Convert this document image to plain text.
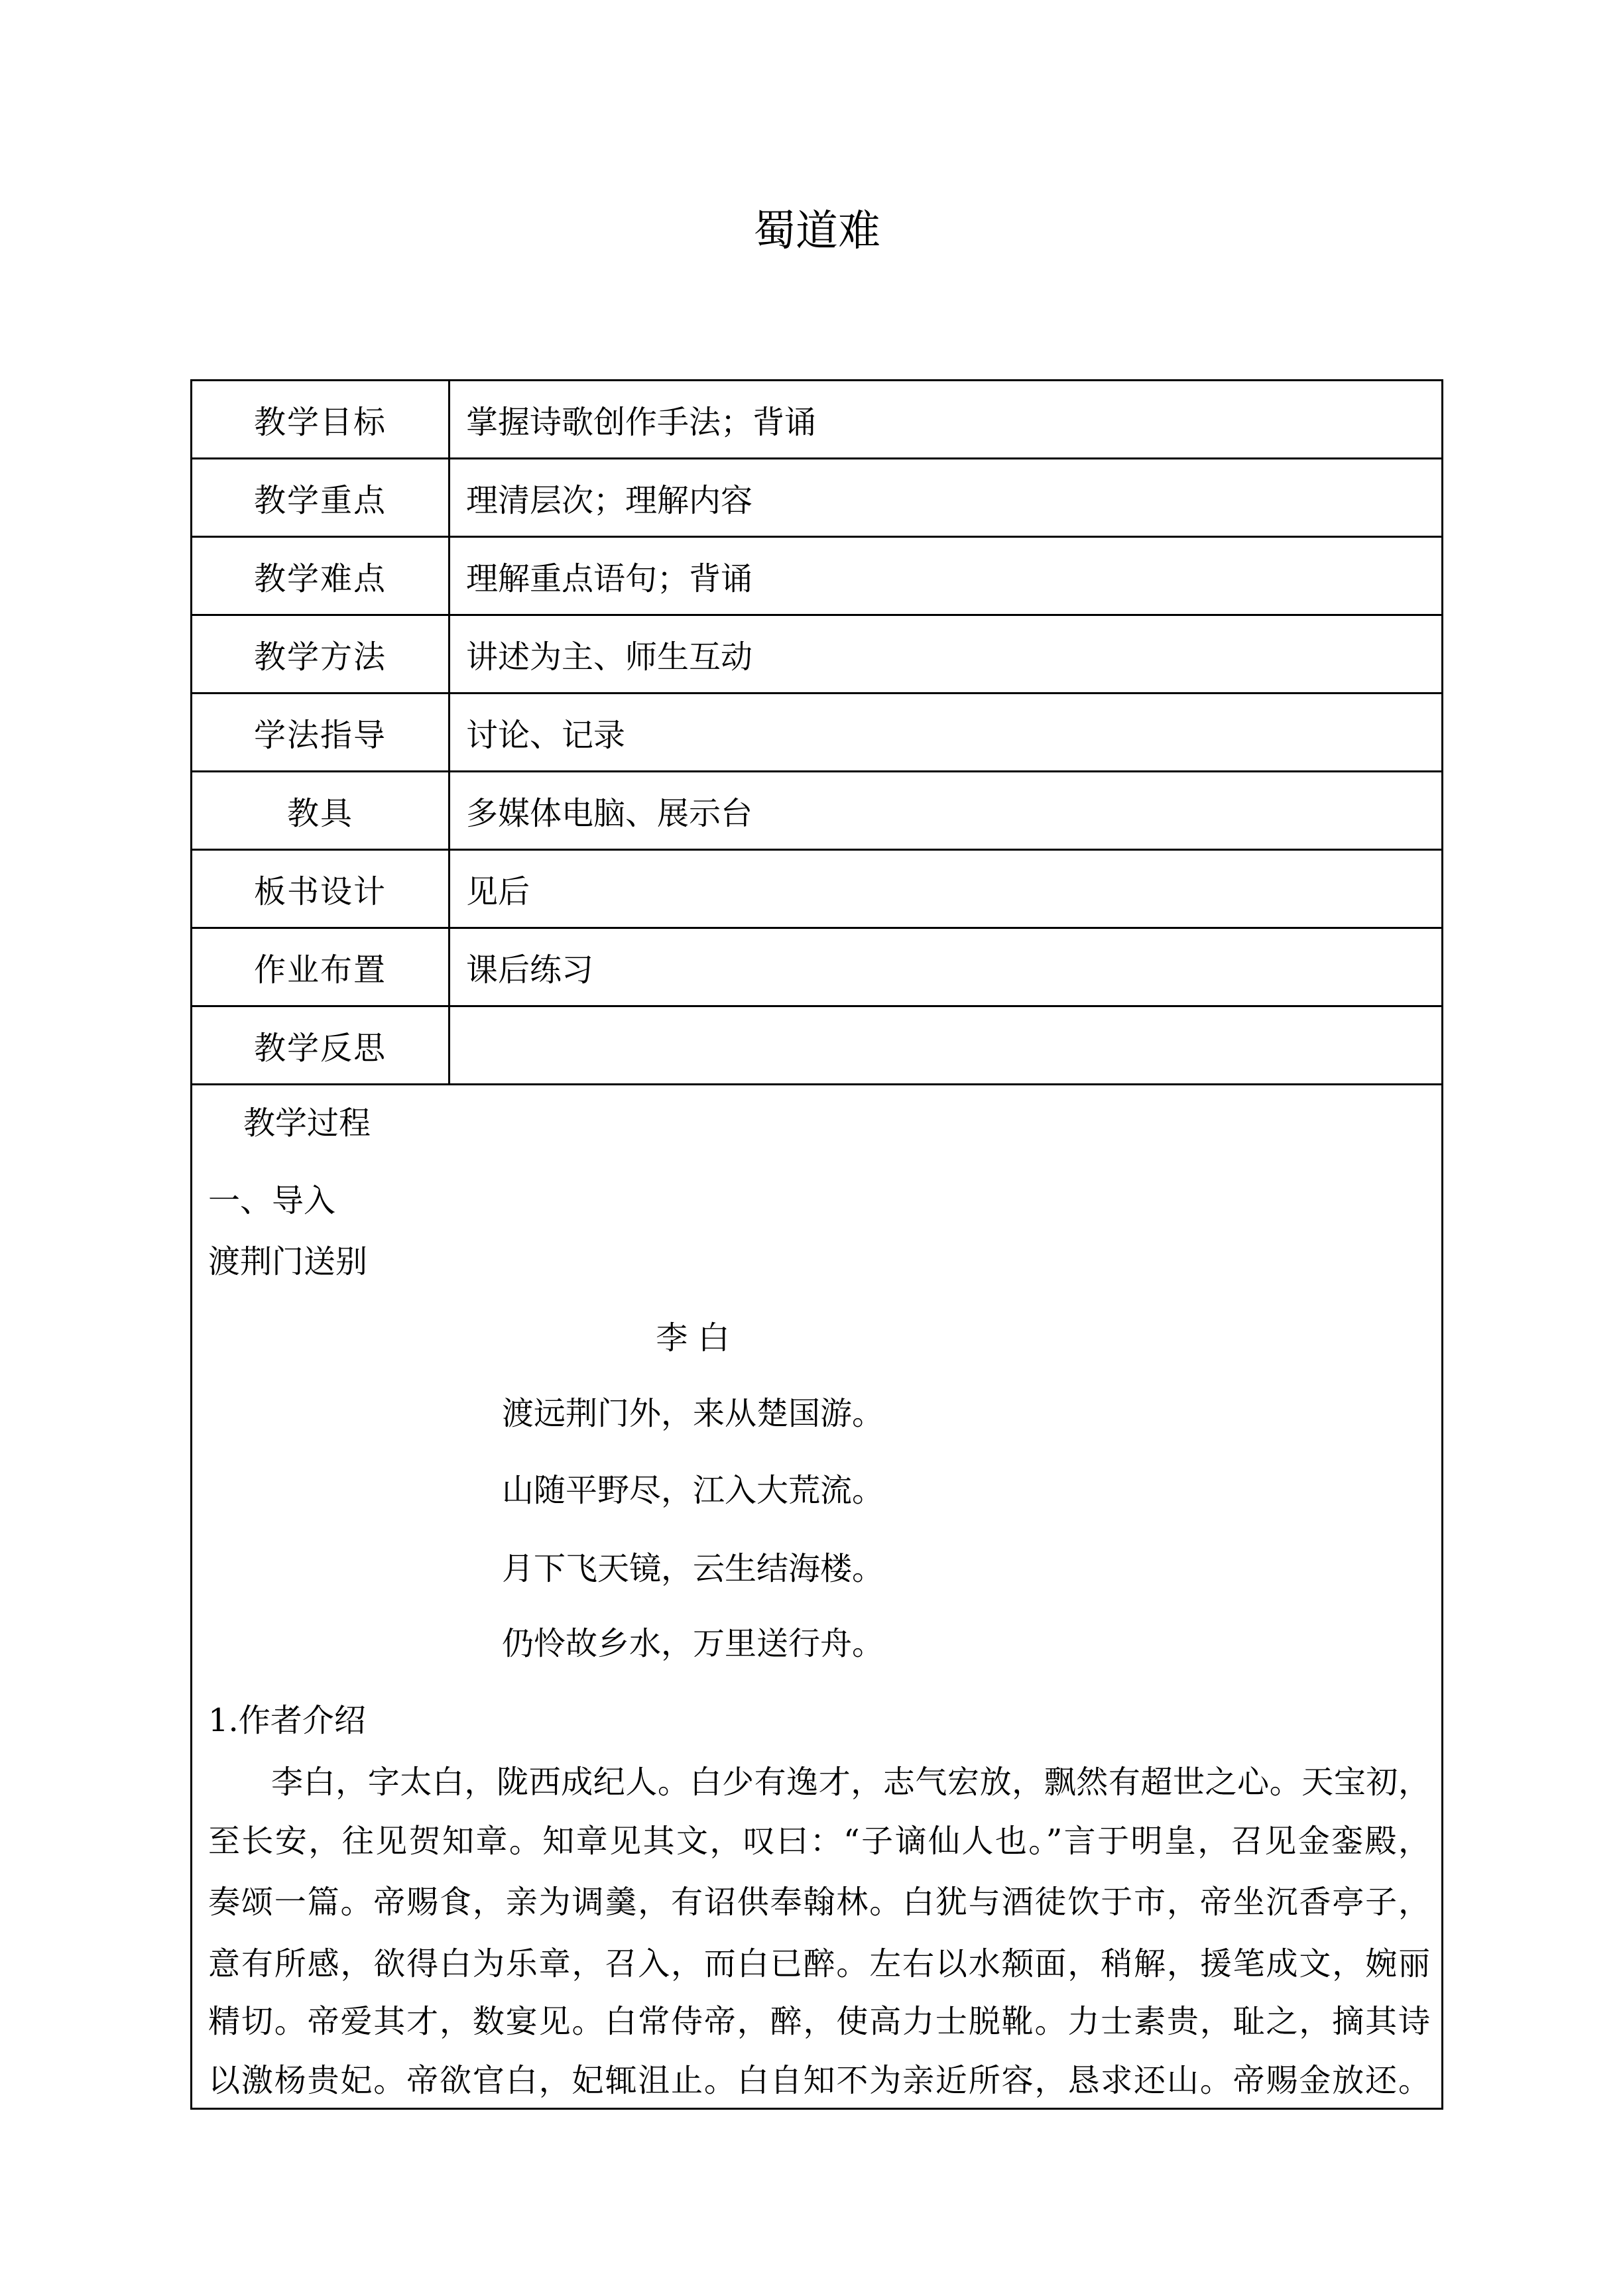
蜀道难
教学目标	掌握诗歌创作手法；背诵
教学重点	理清层次；理解内容
教学难点	理解重点语句；背诵
教学方法	讲述为主、师生互动
学法指导	讨论、记录
教具	多媒体电脑、展示台
板书设计	见后
作业布置	课后练习
教学反思
教学过程
一、导入
渡荆门送别
李 白
渡远荆门外，来从楚国游。
山随平野尽，江入大荒流。
月下飞天镜，云生结海楼。
仍怜故乡水，万里送行舟。
1.作者介绍
李白，字太白，陇西成纪人。白少有逸才，志气宏放，飘然有超世之心。天宝初，
至长安，往见贺知章。知章见其文，叹曰：“子谪仙人也。”言于明皇，召见金銮殿，
奏颂一篇。帝赐食，亲为调羹，有诏供奉翰林。白犹与酒徒饮于市，帝坐沉香亭子，
意有所感，欲得白为乐章，召入，而白已醉。左右以水颒面，稍解，援笔成文，婉丽
精切。帝爱其才，数宴见。白常侍帝，醉，使高力士脱靴。力士素贵，耻之，摘其诗
以激杨贵妃。帝欲官白，妃辄沮止。白自知不为亲近所容，恳求还山。帝赐金放还。
